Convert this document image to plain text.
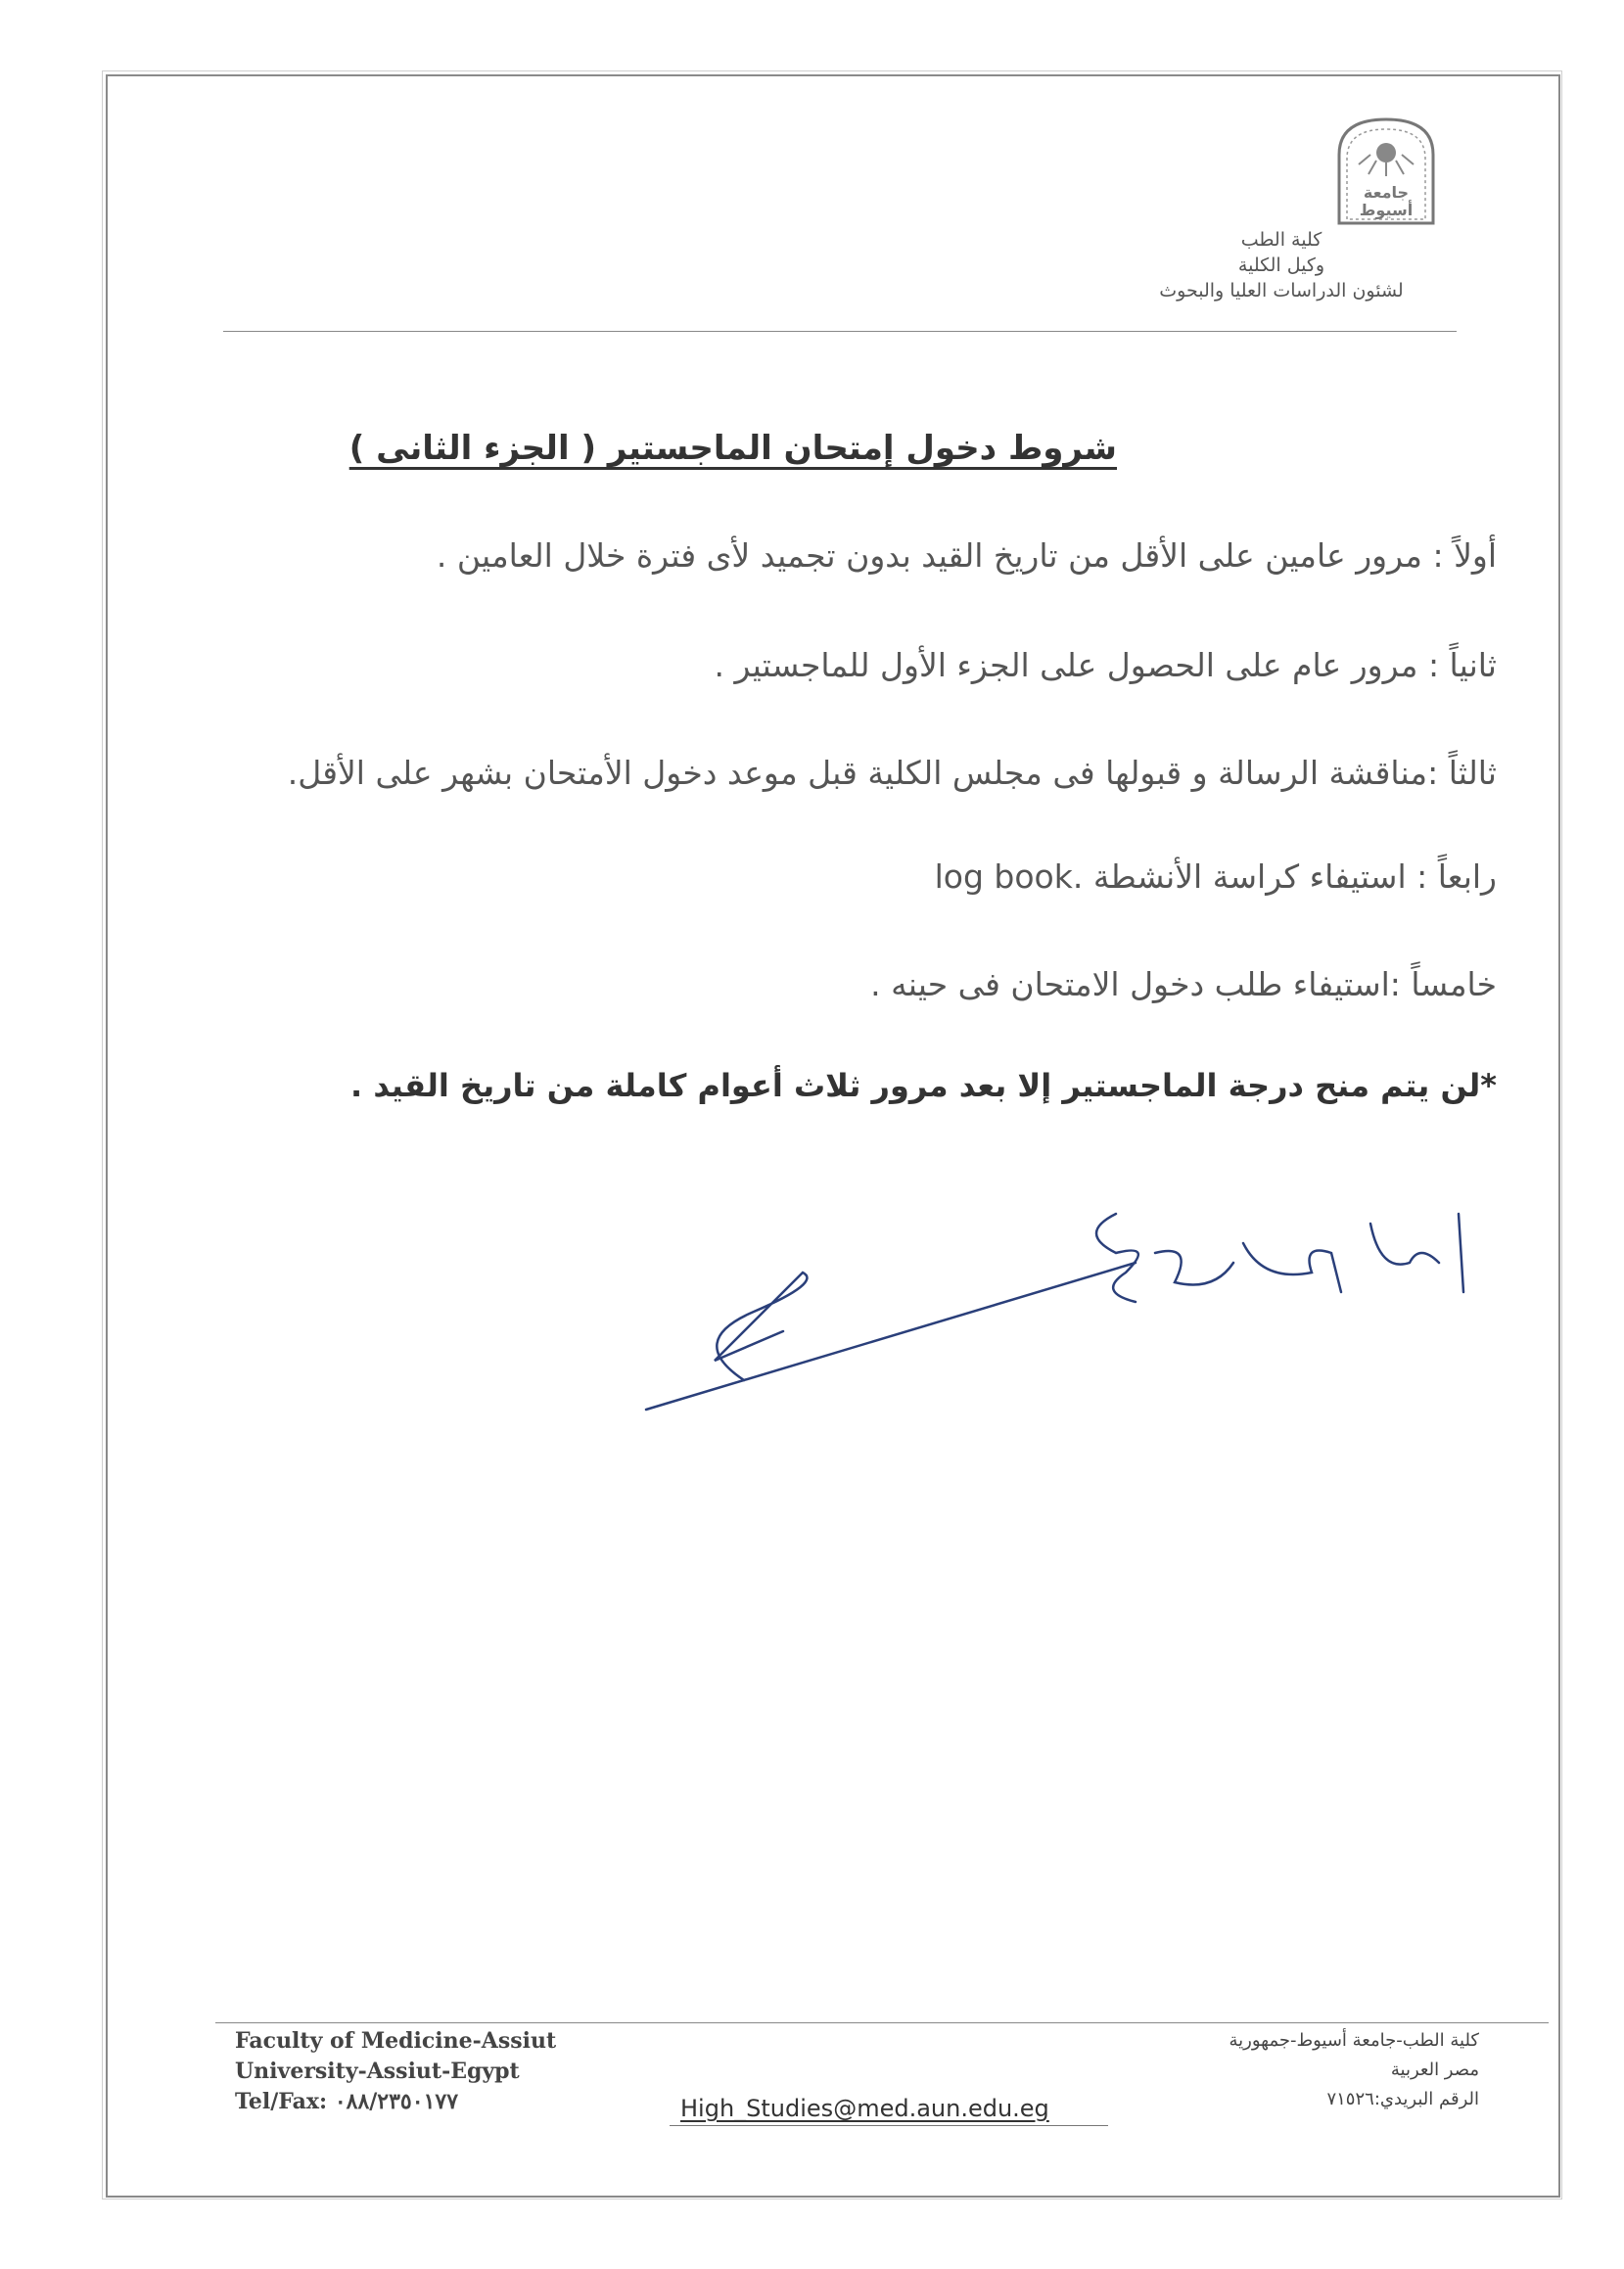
جامعة
أسيوط
كلية الطب
وكيل الكلية
لشئون الدراسات العليا والبحوث
شروط دخول إمتحان الماجستير ( الجزء الثانى )
أولاً : مرور عامين على الأقل من تاريخ القيد بدون تجميد لأى فترة خلال العامين .
ثانياً : مرور عام على الحصول على الجزء الأول للماجستير .
ثالثاً :مناقشة الرسالة و قبولها فى مجلس الكلية قبل موعد دخول الأمتحان بشهر على الأقل.
رابعاً : استيفاء كراسة الأنشطة log book.
خامساً :استيفاء طلب دخول الامتحان فى حينه .
*لن يتم منح درجة الماجستير إلا بعد مرور ثلاث أعوام كاملة من تاريخ القيد .
Faculty of Medicine-Assiut
University-Assiut-Egypt
Tel/Fax: ٠٨٨/٢٣٥٠١٧٧	High_Studies@med.aun.edu.eg
كلية الطب-جامعة أسيوط-جمهورية
مصر العربية
الرقم البريدي:٧١٥٢٦
